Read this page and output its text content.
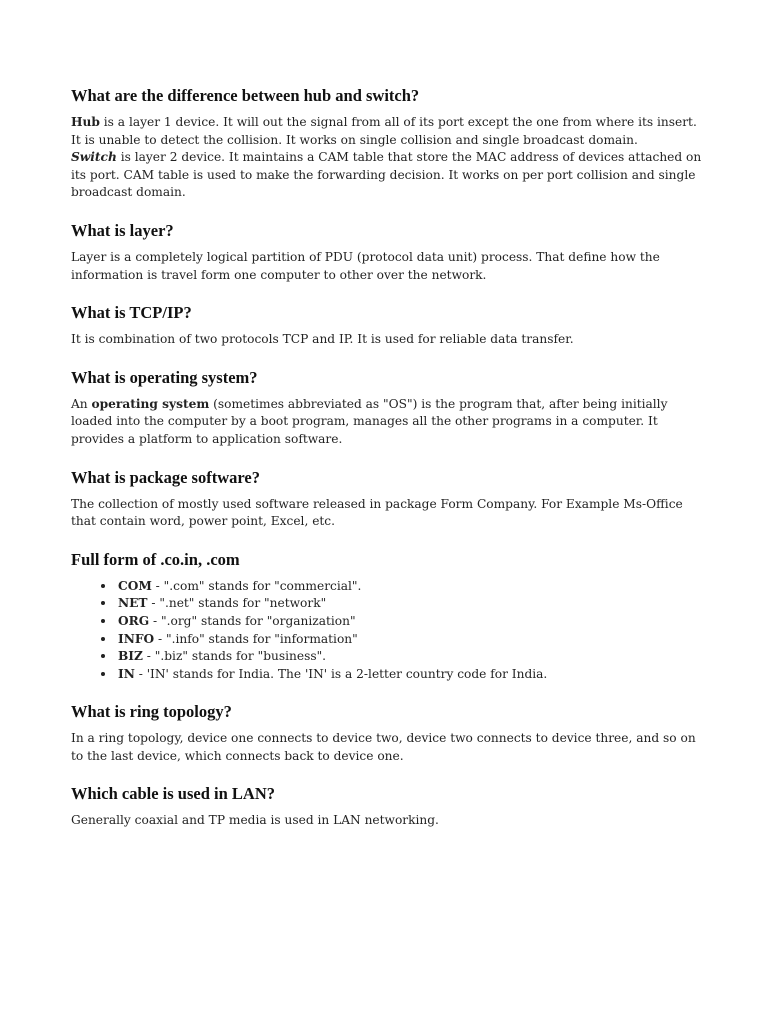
What are the difference between hub and switch?

Hub is a layer 1 device. It will out the signal from all of its port except the one from where its insert. It is unable to detect the collision. It works on single collision and single broadcast domain.

Switch is layer 2 device. It maintains a CAM table that store the MAC address of devices attached on its port. CAM table is used to make the forwarding decision. It works on per port collision and single broadcast domain.

What is layer?

Layer is a completely logical partition of PDU (protocol data unit) process. That define how the information is travel form one computer to other over the network.

What is TCP/IP?

It is combination of two protocols TCP and IP. It is used for reliable data transfer.

What is operating system?

An operating system (sometimes abbreviated as "OS") is the program that, after being initially loaded into the computer by a boot program, manages all the other programs in a computer. It provides a platform to application software.

What is package software?

The collection of mostly used software released in package Form Company. For Example Ms-Office that contain word, power point, Excel, etc.

Full form of .co.in, .com
• COM - ".com" stands for "commercial".
• NET - ".net" stands for "network"
• ORG - ".org" stands for "organization"
• INFO - ".info" stands for "information"
• BIZ - ".biz" stands for "business".
• IN - 'IN' stands for India. The 'IN' is a 2-letter country code for India.
What is ring topology?

In a ring topology, device one connects to device two, device two connects to device three, and so on to the last device, which connects back to device one.

Which cable is used in LAN?

Generally coaxial and TP media is used in LAN networking.
